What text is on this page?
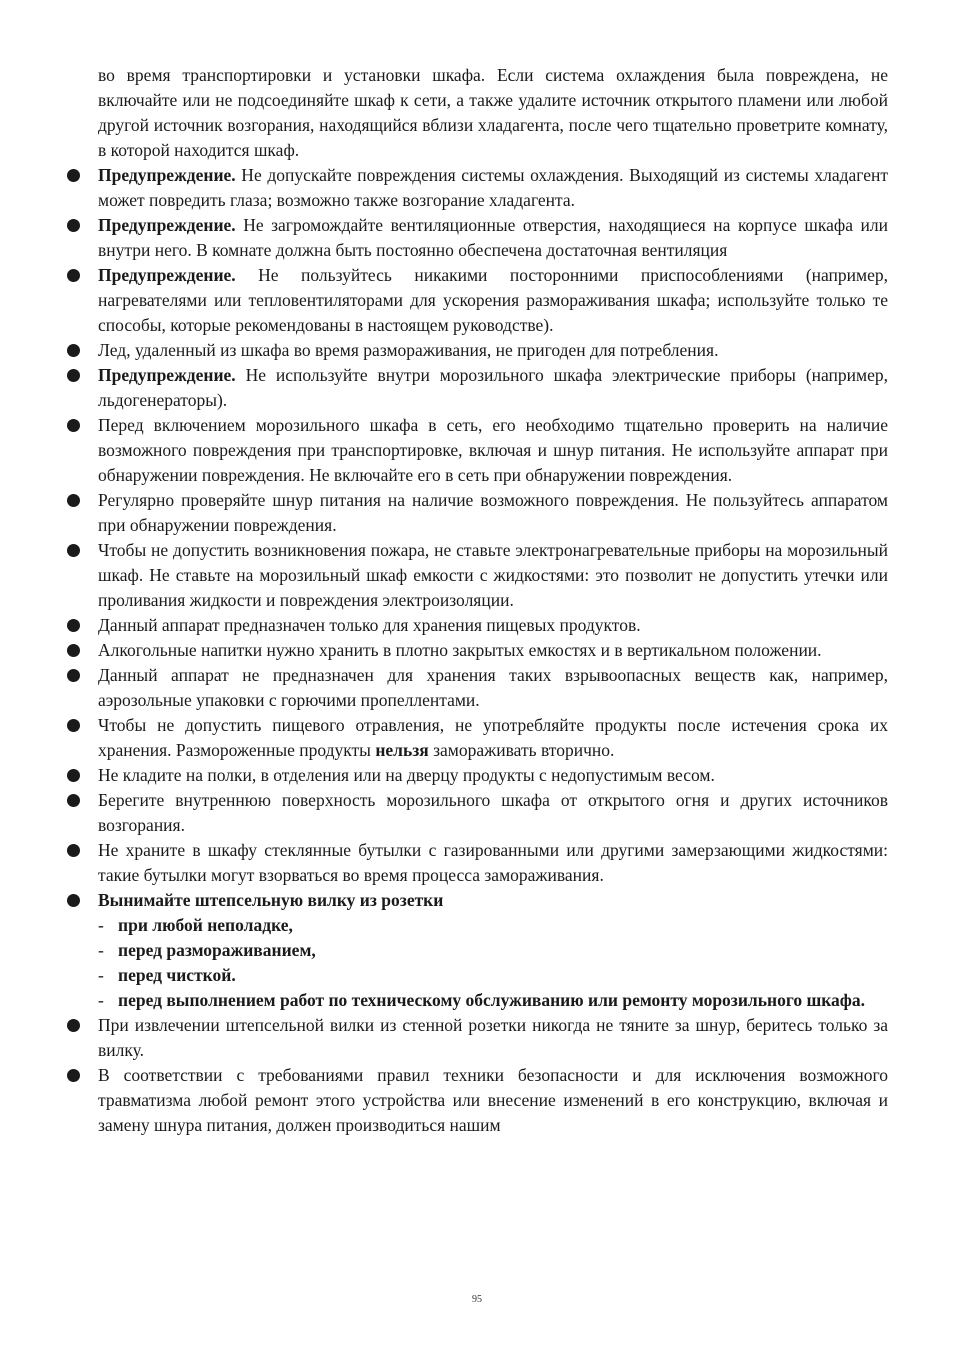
во время транспортировки и установки шкафа. Если система охлаждения была повреждена, не включайте или не подсоединяйте шкаф к сети, а также удалите источник открытого пламени или любой другой источник возгорания, находящийся вблизи хладагента, после чего тщательно проветрите комнату, в которой находится шкаф.

Предупреждение. Не допускайте повреждения системы охлаждения. Выходящий из системы хладагент может повредить глаза; возможно также возгорание хладагента.
Предупреждение. Не загромождайте вентиляционные отверстия, находящиеся на корпусе шкафа или внутри него. В комнате должна быть постоянно обеспечена достаточная вентиляция
Предупреждение. Не пользуйтесь никакими посторонними приспособлениями (например, нагревателями или тепловентиляторами для ускорения размораживания шкафа; используйте только те способы, которые рекомендованы в настоящем руководстве).
Лед, удаленный из шкафа во время размораживания, не пригоден для потребления.
Предупреждение. Не используйте внутри морозильного шкафа электрические приборы (например, льдогенераторы).
Перед включением морозильного шкафа в сеть, его необходимо тщательно проверить на наличие возможного повреждения при транспортировке, включая и шнур питания. Не используйте аппарат при обнаружении повреждения. Не включайте его в сеть при обнаружении повреждения.
Регулярно проверяйте шнур питания на наличие возможного повреждения. Не пользуйтесь аппаратом при обнаружении повреждения.
Чтобы не допустить возникновения пожара, не ставьте электронагревательные приборы на морозильный шкаф. Не ставьте на морозильный шкаф емкости с жидкостями: это позволит не допустить утечки или проливания жидкости и повреждения электроизоляции.
Данный аппарат предназначен только для хранения пищевых продуктов.
Алкогольные напитки нужно хранить в плотно закрытых емкостях и в вертикальном положении.
Данный аппарат не предназначен для хранения таких взрывоопасных веществ как, например, аэрозольные упаковки с горючими пропеллентами.
Чтобы не допустить пищевого отравления, не употребляйте продукты после истечения срока их хранения. Размороженные продукты нельзя замораживать вторично.
Не кладите на полки, в отделения или на дверцу продукты с недопустимым весом.
Берегите внутреннюю поверхность морозильного шкафа от открытого огня и других источников возгорания.
Не храните в шкафу стеклянные бутылки с газированными или другими замерзающими жидкостями: такие бутылки могут взорваться во время процесса замораживания.
Вынимайте штепсельную вилку из розетки
- при любой неполадке,
- перед размораживанием,
- перед чисткой.
- перед выполнением работ по техническому обслуживанию или ремонту морозильного шкафа.
При извлечении штепсельной вилки из стенной розетки никогда не тяните за шнур, беритесь только за вилку.
В соответствии с требованиями правил техники безопасности и для исключения возможного травматизма любой ремонт этого устройства или внесение изменений в его конструкцию, включая и замену шнура питания, должен производиться нашим
95
